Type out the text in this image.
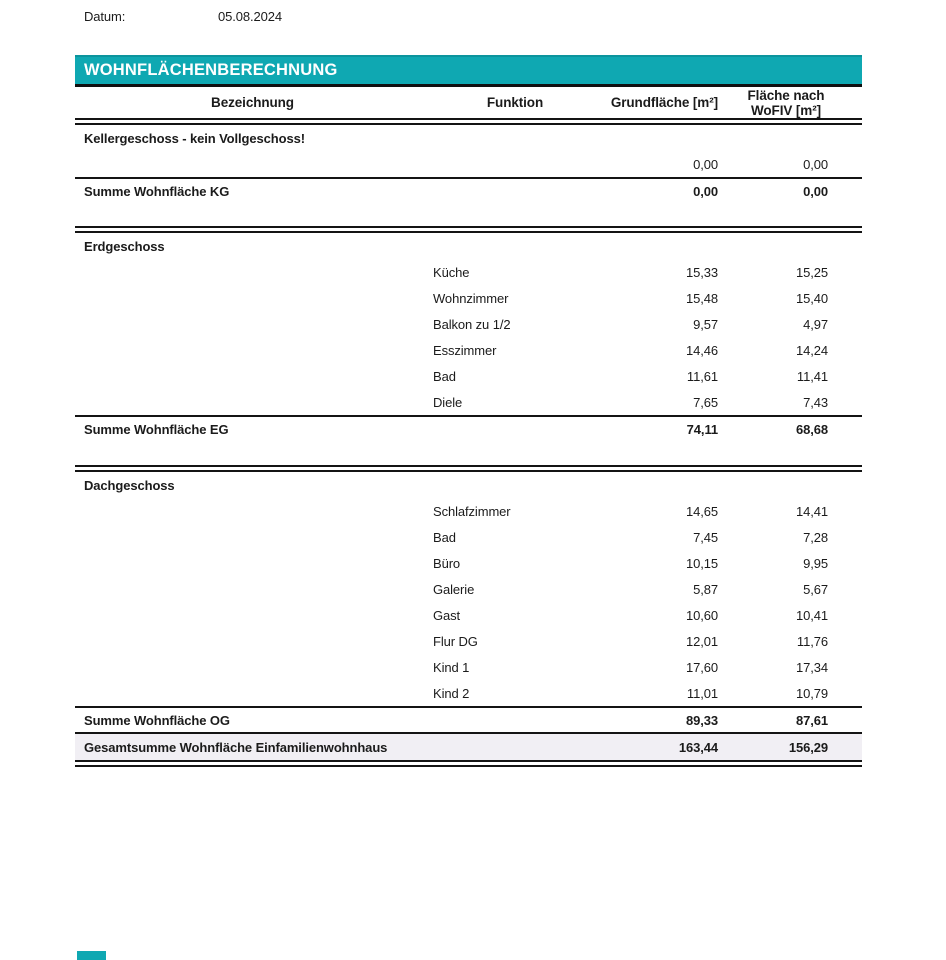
Datum:	05.08.2024
WOHNFLÄCHENBERECHNUNG
Bezeichnung	Funktion	Grundfläche [m²]	Fläche nach
WoFIV [m²]
Kellergeschoss - kein Vollgeschoss!
0,00	0,00
Summe Wohnfläche KG	0,00	0,00
Erdgeschoss
Küche	15,33	15,25
Wohnzimmer	15,48	15,40
Balkon zu 1/2	9,57	4,97
Esszimmer	14,46	14,24
Bad	11,61	11,41
Diele	7,65	7,43
Summe Wohnfläche EG	74,11	68,68
Dachgeschoss
Schlafzimmer	14,65	14,41
Bad	7,45	7,28
Büro	10,15	9,95
Galerie	5,87	5,67
Gast	10,60	10,41
Flur DG	12,01	11,76
Kind 1	17,60	17,34
Kind 2	11,01	10,79
Summe Wohnfläche OG	89,33	87,61
Gesamtsumme Wohnfläche Einfamilienwohnhaus	163,44	156,29
